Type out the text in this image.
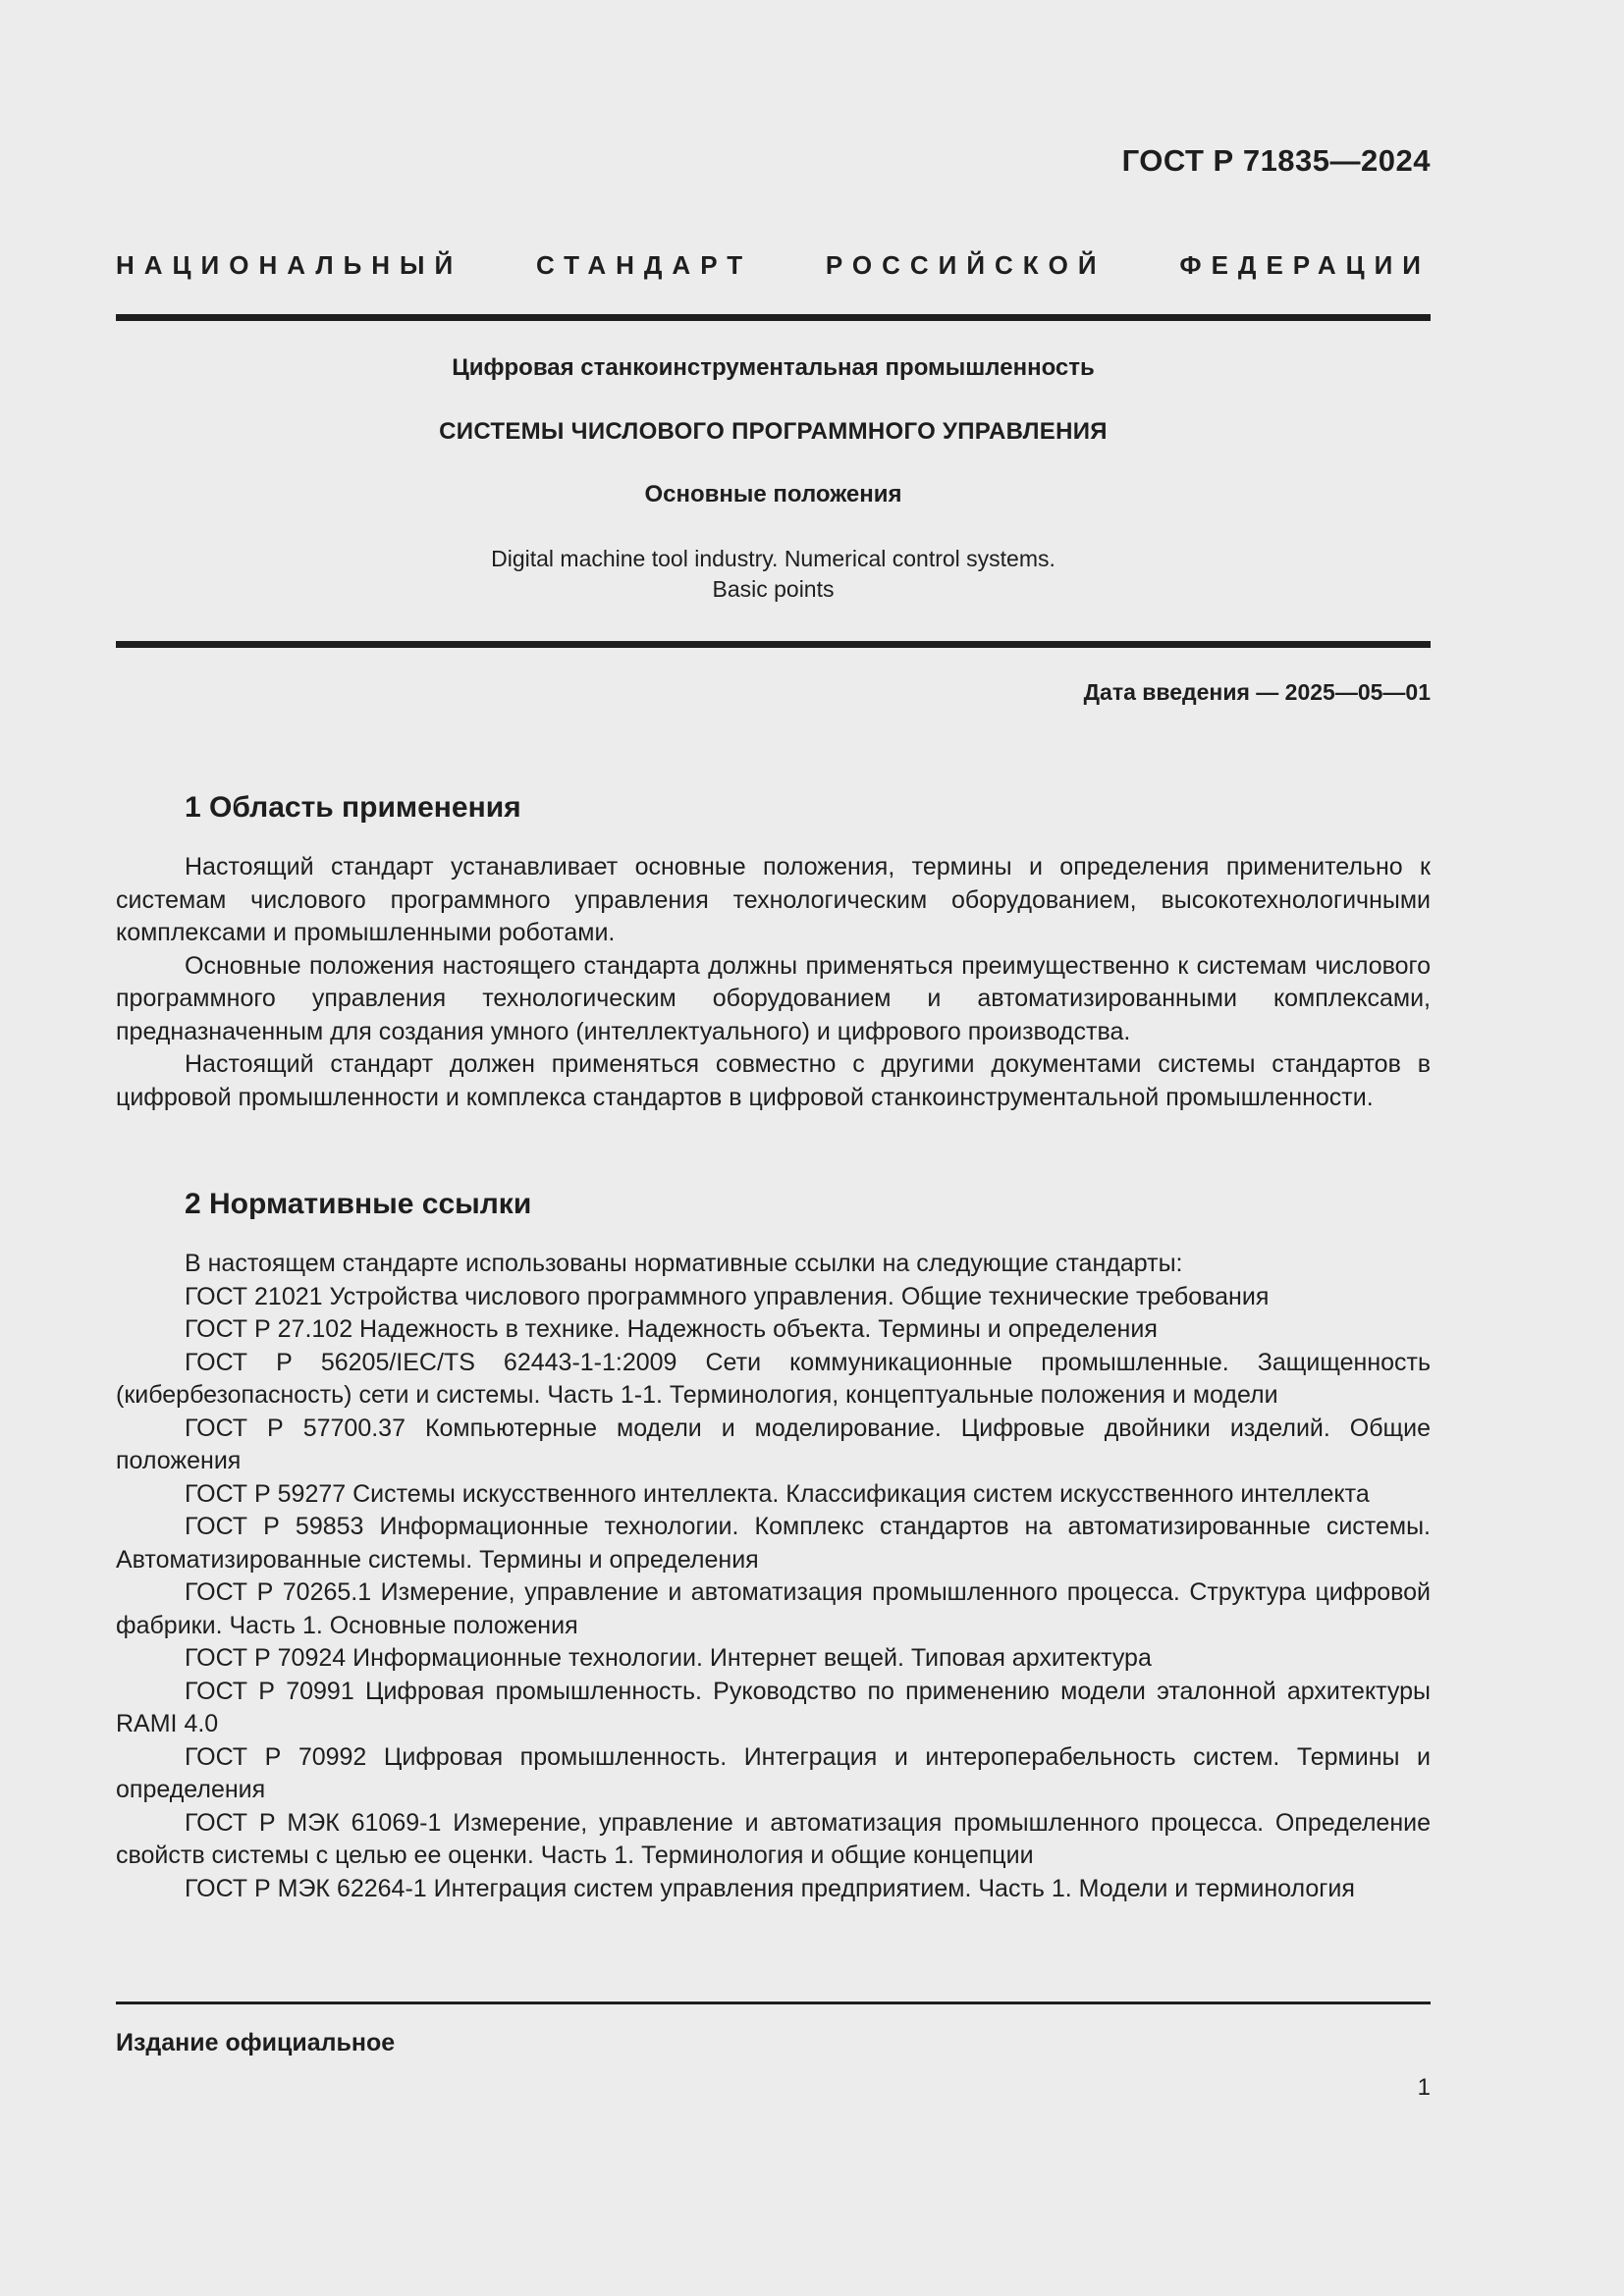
ГОСТ Р 71835—2024
НАЦИОНАЛЬНЫЙ СТАНДАРТ РОССИЙСКОЙ ФЕДЕРАЦИИ
Цифровая станкоинструментальная промышленность
СИСТЕМЫ ЧИСЛОВОГО ПРОГРАММНОГО УПРАВЛЕНИЯ
Основные положения
Digital machine tool industry. Numerical control systems.
Basic points
Дата введения — 2025—05—01
1 Область применения

Настоящий стандарт устанавливает основные положения, термины и определения применительно к системам числового программного управления технологическим оборудованием, высокотехнологичными комплексами и промышленными роботами.

Основные положения настоящего стандарта должны применяться преимущественно к системам числового программного управления технологическим оборудованием и автоматизированными комплексами, предназначенным для создания умного (интеллектуального) и цифрового производства.

Настоящий стандарт должен применяться совместно с другими документами системы стандартов в цифровой промышленности и комплекса стандартов в цифровой станкоинструментальной промышленности.

2 Нормативные ссылки

В настоящем стандарте использованы нормативные ссылки на следующие стандарты:

ГОСТ 21021 Устройства числового программного управления. Общие технические требования

ГОСТ Р 27.102 Надежность в технике. Надежность объекта. Термины и определения

ГОСТ Р 56205/IEC/TS 62443-1-1:2009 Сети коммуникационные промышленные. Защищенность (кибербезопасность) сети и системы. Часть 1-1. Терминология, концептуальные положения и модели

ГОСТ Р 57700.37 Компьютерные модели и моделирование. Цифровые двойники изделий. Общие положения

ГОСТ Р 59277 Системы искусственного интеллекта. Классификация систем искусственного интеллекта

ГОСТ Р 59853 Информационные технологии. Комплекс стандартов на автоматизированные системы. Автоматизированные системы. Термины и определения

ГОСТ Р 70265.1 Измерение, управление и автоматизация промышленного процесса. Структура цифровой фабрики. Часть 1. Основные положения

ГОСТ Р 70924 Информационные технологии. Интернет вещей. Типовая архитектура

ГОСТ Р 70991 Цифровая промышленность. Руководство по применению модели эталонной архитектуры RAMI 4.0

ГОСТ Р 70992 Цифровая промышленность. Интеграция и интероперабельность систем. Термины и определения

ГОСТ Р МЭК 61069-1 Измерение, управление и автоматизация промышленного процесса. Определение свойств системы с целью ее оценки. Часть 1. Терминология и общие концепции

ГОСТ Р МЭК 62264-1 Интеграция систем управления предприятием. Часть 1. Модели и терминология

Издание официальное
1
